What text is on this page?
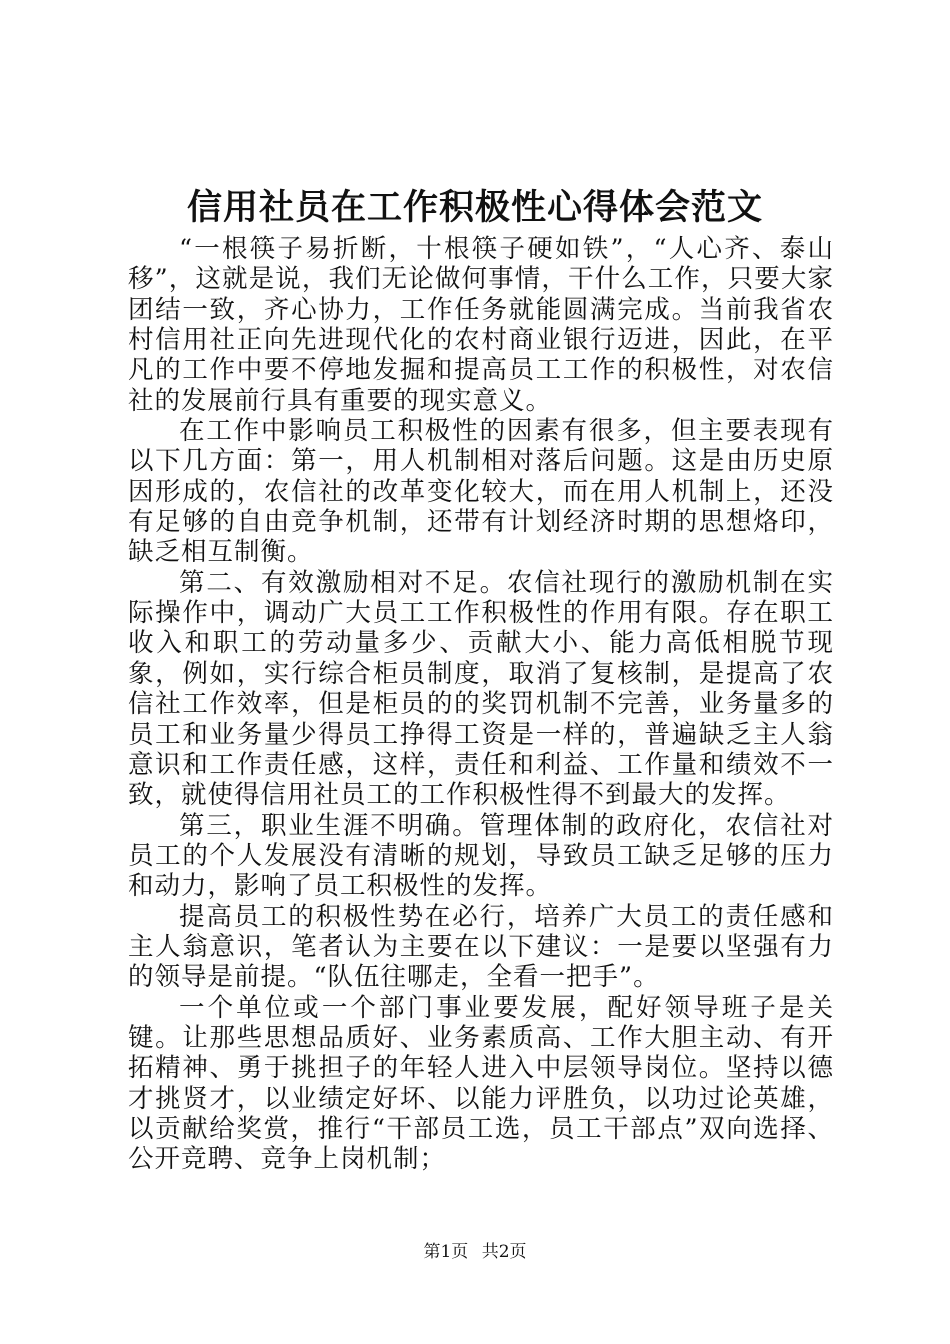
信用社员在工作积极性心得体会范文

“一根筷子易折断，十根筷子硬如铁”，“人心齐、泰山移”，这就是说，我们无论做何事情，干什么工作，只要大家团结一致，齐心协力，工作任务就能圆满完成。当前我省农村信用社正向先进现代化的农村商业银行迈进，因此，在平凡的工作中要不停地发掘和提高员工工作的积极性，对农信社的发展前行具有重要的现实意义。

在工作中影响员工积极性的因素有很多，但主要表现有以下几方面：第一，用人机制相对落后问题。这是由历史原因形成的，农信社的改革变化较大，而在用人机制上，还没有足够的自由竞争机制，还带有计划经济时期的思想烙印，缺乏相互制衡。

第二、有效激励相对不足。农信社现行的激励机制在实际操作中，调动广大员工工作积极性的作用有限。存在职工收入和职工的劳动量多少、贡献大小、能力高低相脱节现象，例如，实行综合柜员制度，取消了复核制，是提高了农信社工作效率，但是柜员的的奖罚机制不完善，业务量多的员工和业务量少得员工挣得工资是一样的，普遍缺乏主人翁意识和工作责任感，这样，责任和利益、工作量和绩效不一致，就使得信用社员工的工作积极性得不到最大的发挥。

第三，职业生涯不明确。管理体制的政府化，农信社对员工的个人发展没有清晰的规划，导致员工缺乏足够的压力和动力，影响了员工积极性的发挥。

提高员工的积极性势在必行，培养广大员工的责任感和主人翁意识，笔者认为主要在以下建议：一是要以坚强有力的领导是前提。“队伍往哪走，全看一把手”。

一个单位或一个部门事业要发展，配好领导班子是关键。让那些思想品质好、业务素质高、工作大胆主动、有开拓精神、勇于挑担子的年轻人进入中层领导岗位。坚持以德才挑贤才，以业绩定好坏、以能力评胜负，以功过论英雄，以贡献给奖赏，推行“干部员工选，员工干部点”双向选择、公开竞聘、竞争上岗机制；

第1页 共2页
